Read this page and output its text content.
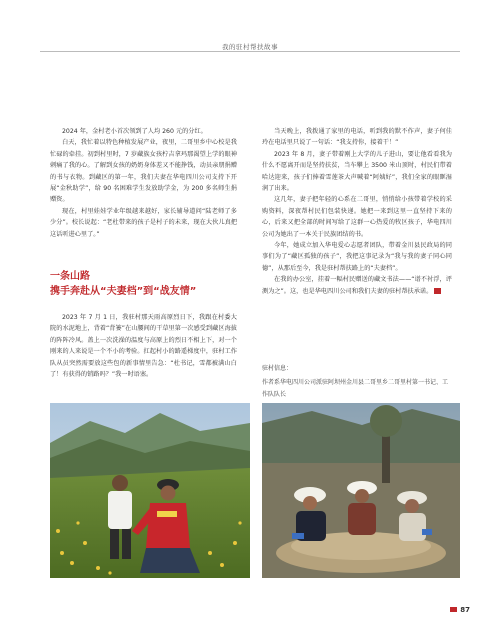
我的驻村帮扶故事

2024 年，金村老小首次领到了人均 260 元的分红。

白天，我忙着以特色种植发展产业，夜里，二哥里乡中心校是我忙碌的牵挂。初到村里时，7 岁藏族女孩柠吉拿玛那渴望上学的眼神刺痛了我的心。了解到女孩的奶奶身体差又不能挣钱，动员亲朋捐赠的书与衣物。到藏区的第一年，我们夫妻在华电四川公司支持下开展“金秋助学”，给 90 名困难学生发放助学金，为 200 多名师生捐赠资。

现在，村里娃娃学业年级越来越好，家长辅导道问“陆老师了多少分”。校长说起：“老杜带来的孩子是村子的未来，现在大伙儿真把这话听进心里了。”

一条山路
携手奔赴从“夫妻档”到“战友情”

2023 年 7 月 1 日，我驻村那天雨高原烈日下，我跟在村委大院的水泥地上，背着“背篓”在山腰间的干草里第一次感受到藏区海拔的阵阵冷风。盖上一次洗澡的温度与高原上的烈日不相上下，对一个刚来的人来说是一个不小的考验。扛起村小的路遥梯度中，驻村工作队从员突然需要放这些包的新事情里告急：“杜书记，雪都被满山白了！有获得的销路吗？”我一时语塞。

当天晚上，我拨通了家里的电话，听到我的默不作声，妻子何佳玲在电话里只说了一句话：“我支持你，接着干！”

2023 年 8 月，妻子带着刚上大学的儿子进山，要让他看看我为什么不愿离开而是坚持扶贫，当车攀上 3500 米山顶时，村民们带着哈达迎来，孩子们捧着雪莲茶大声喊着“阿姨好”，我们全家的眼眶湿润了出来。

这几年，妻子把年轻的心系在二哥里，悄悄给小孩带着学校的采购资料，深夜帮村民们包装快递。她把一来到这里一直坚持下来的心，后来又把全部的时间写给了这群一心热爱的牧区孩子，华电四川公司为她出了一本关于民族团结的书。

今年，她成立加入华电爱心志愿者团队，带着金川县民政局的同事们为了“藏区孤独的孩子”，我把这事记录为“我与我的妻子同心同德”，从那后至今，我是驻村帮扶路上的“夫妻档”。

在我的办公室，挂着一幅村民赠送的藏文书法——“谱不衬浮，评测为之”。这，也是华电四川公司和我们夫妻的驻村帮扶承诺。

驻村信息：
作者系华电四川公司派驻阿坝州金川县二哥里乡二哥里村第一书记、工作队队长
87
